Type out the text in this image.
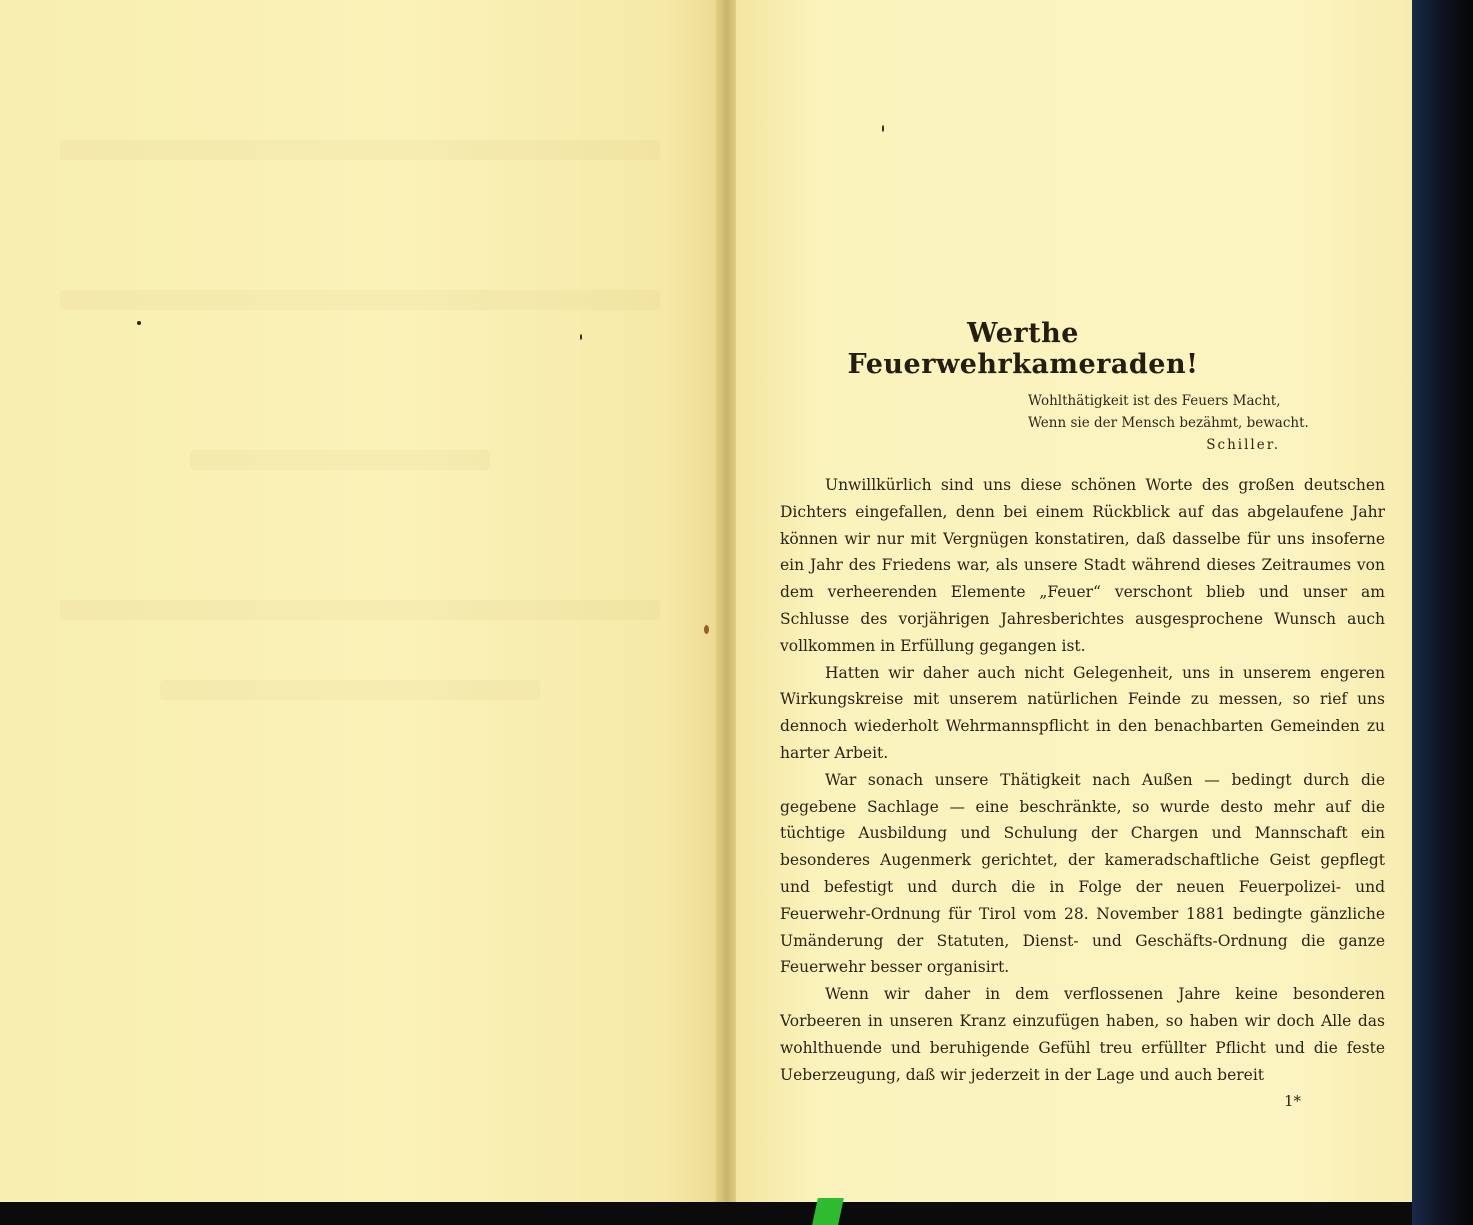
Werthe Feuerwehrkameraden!
Wohlthätigkeit ist des Feuers Macht,
Wenn sie der Mensch bezähmt, bewacht.
Schiller.

Unwillkürlich sind uns diese schönen Worte des großen deutschen Dichters eingefallen, denn bei einem Rückblick auf das abgelaufene Jahr können wir nur mit Vergnügen konstatiren, daß dasselbe für uns insoferne ein Jahr des Friedens war, als unsere Stadt während dieses Zeitraumes von dem verheerenden Elemente „Feuer“ verschont blieb und unser am Schlusse des vorjährigen Jahresberichtes ausgesprochene Wunsch auch vollkommen in Erfüllung gegangen ist.

Hatten wir daher auch nicht Gelegenheit, uns in unserem engeren Wirkungskreise mit unserem natürlichen Feinde zu messen, so rief uns dennoch wiederholt Wehrmannspflicht in den benachbarten Gemeinden zu harter Arbeit.

War sonach unsere Thätigkeit nach Außen — bedingt durch die gegebene Sachlage — eine beschränkte, so wurde desto mehr auf die tüchtige Ausbildung und Schulung der Chargen und Mannschaft ein besonderes Augenmerk gerichtet, der kameradschaftliche Geist gepflegt und befestigt und durch die in Folge der neuen Feuerpolizei- und Feuerwehr-Ordnung für Tirol vom 28. November 1881 bedingte gänzliche Umänderung der Statuten, Dienst- und Geschäfts-Ordnung die ganze Feuerwehr besser organisirt.

Wenn wir daher in dem verflossenen Jahre keine besonderen Vorbeeren in unseren Kranz einzufügen haben, so haben wir doch Alle das wohlthuende und beruhigende Gefühl treu erfüllter Pflicht und die feste Ueberzeugung, daß wir jederzeit in der Lage und auch bereit

1*
